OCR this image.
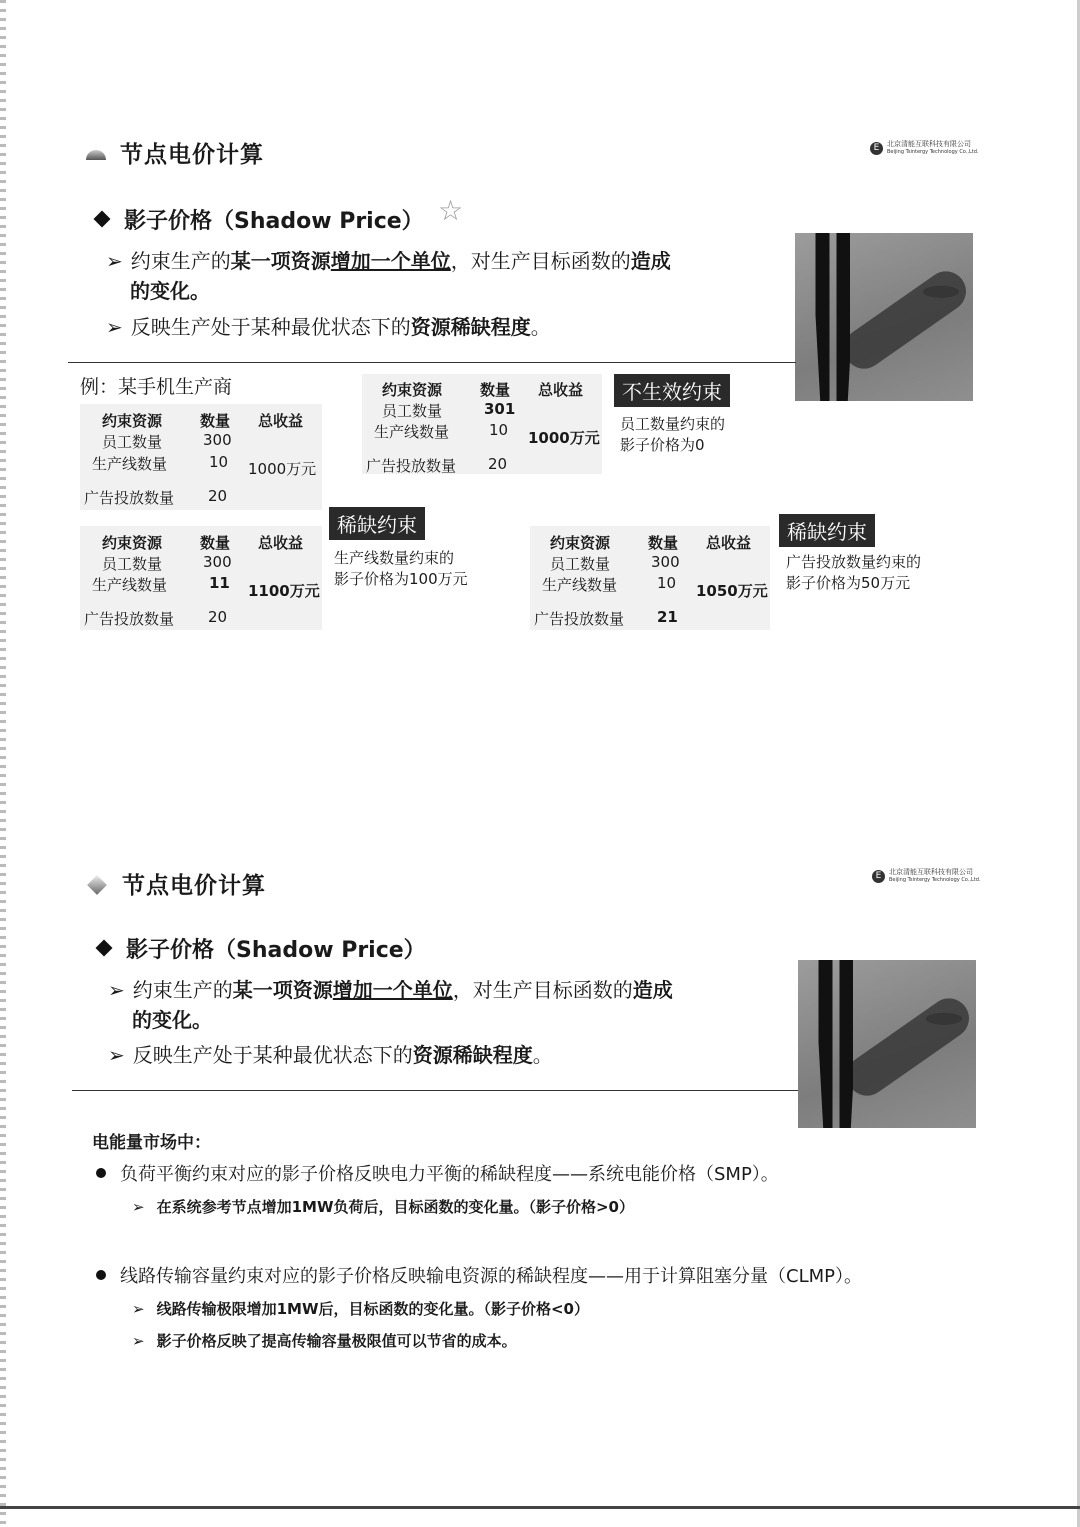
节点电价计算	E	北京清能互联科技有限公司
Beijing Tsintergy Technology Co.,Ltd.
影子价格（Shadow Price） ☆
➢ 约束生产的某一项资源增加一个单位，对生产目标函数的造成
的变化。
➢ 反映生产处于某种最优状态下的资源稀缺程度。
例：某手机生产商
约束资源	数量 总收益
员工数量	300
生产线数量	10 1000万元
广告投放数量 20
约束资源	数量 总收益
员工数量	301
生产线数量	10 1000万元
广告投放数量 20
不生效约束
员工数量约束的
影子价格为0
约束资源	数量 总收益
员工数量	300
生产线数量	11 1100万元
广告投放数量 20
稀缺约束
生产线数量约束的
影子价格为100万元
约束资源	数量 总收益
员工数量	300
生产线数量	10 1050万元
广告投放数量 21
稀缺约束
广告投放数量约束的
影子价格为50万元
节点电价计算	E	北京清能互联科技有限公司
Beijing Tsintergy Technology Co.,Ltd.
影子价格（Shadow Price）
➢ 约束生产的某一项资源增加一个单位，对生产目标函数的造成
的变化。
➢ 反映生产处于某种最优状态下的资源稀缺程度。
电能量市场中：
负荷平衡约束对应的影子价格反映电力平衡的稀缺程度——系统电能价格（SMP）。
➢ 在系统参考节点增加1MW负荷后，目标函数的变化量。（影子价格>0）
线路传输容量约束对应的影子价格反映输电资源的稀缺程度——用于计算阻塞分量（CLMP）。
➢ 线路传输极限增加1MW后，目标函数的变化量。（影子价格<0）
➢ 影子价格反映了提高传输容量极限值可以节省的成本。
